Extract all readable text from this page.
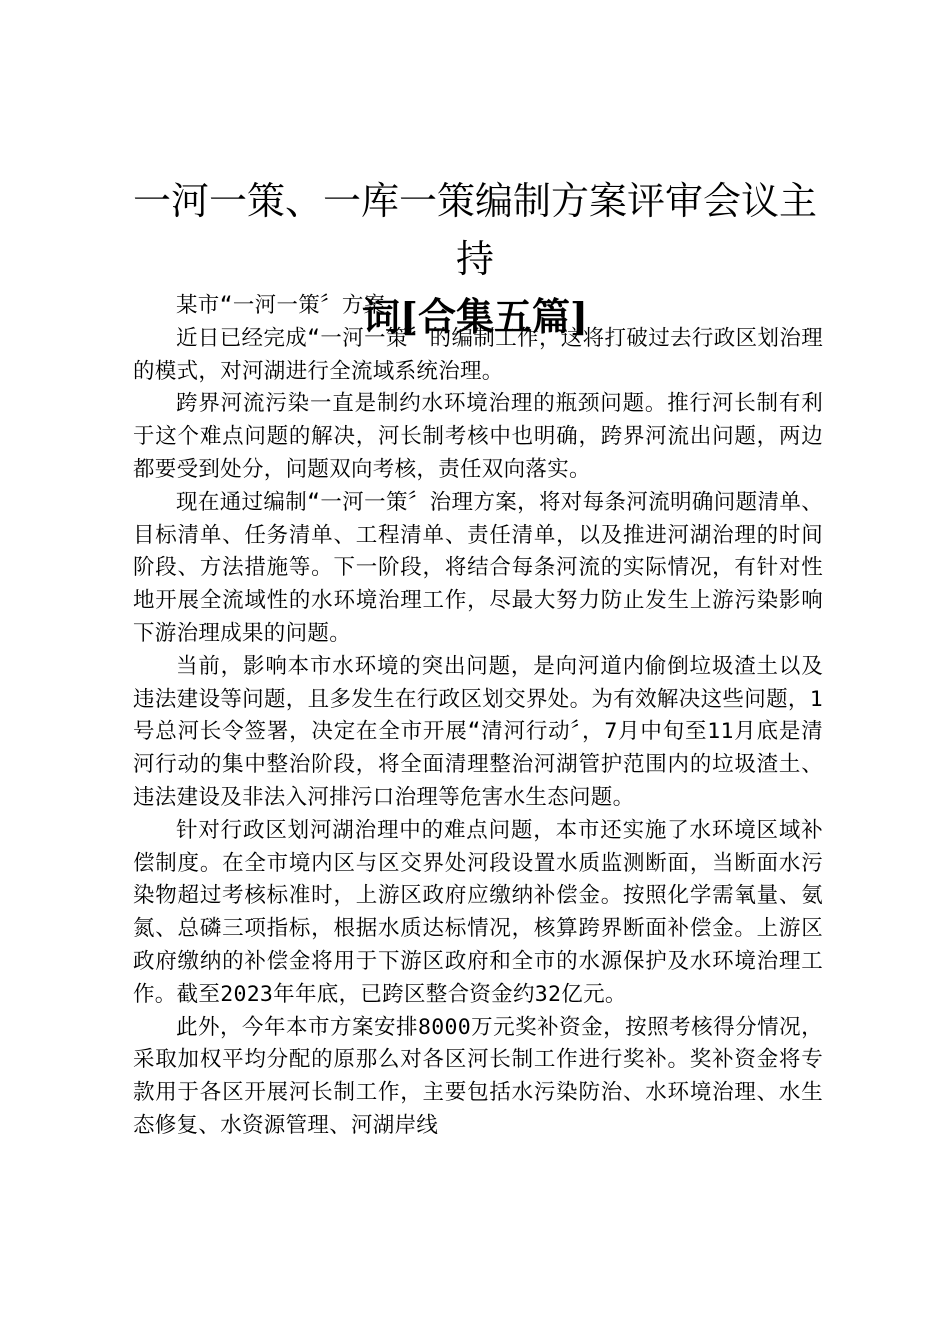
一河一策、一库一策编制方案评审会议主持
词[合集五篇]

某市“一河一策〞方案

近日已经完成“一河一策〞的编制工作，这将打破过去行政区划治理的模式，对河湖进行全流域系统治理。

跨界河流污染一直是制约水环境治理的瓶颈问题。推行河长制有利于这个难点问题的解决，河长制考核中也明确，跨界河流出问题，两边都要受到处分，问题双向考核，责任双向落实。

现在通过编制“一河一策〞治理方案，将对每条河流明确问题清单、目标清单、任务清单、工程清单、责任清单，以及推进河湖治理的时间阶段、方法措施等。下一阶段，将结合每条河流的实际情况，有针对性地开展全流域性的水环境治理工作，尽最大努力防止发生上游污染影响下游治理成果的问题。

当前，影响本市水环境的突出问题，是向河道内偷倒垃圾渣土以及违法建设等问题，且多发生在行政区划交界处。为有效解决这些问题，1号总河长令签署，决定在全市开展“清河行动〞，7月中旬至11月底是清河行动的集中整治阶段，将全面清理整治河湖管护范围内的垃圾渣土、违法建设及非法入河排污口治理等危害水生态问题。

针对行政区划河湖治理中的难点问题，本市还实施了水环境区域补偿制度。在全市境内区与区交界处河段设置水质监测断面，当断面水污染物超过考核标准时，上游区政府应缴纳补偿金。按照化学需氧量、氨氮、总磷三项指标，根据水质达标情况，核算跨界断面补偿金。上游区政府缴纳的补偿金将用于下游区政府和全市的水源保护及水环境治理工作。截至2023年年底，已跨区整合资金约32亿元。

此外，今年本市方案安排8000万元奖补资金，按照考核得分情况，采取加权平均分配的原那么对各区河长制工作进行奖补。奖补资金将专款用于各区开展河长制工作，主要包括水污染防治、水环境治理、水生态修复、水资源管理、河湖岸线
